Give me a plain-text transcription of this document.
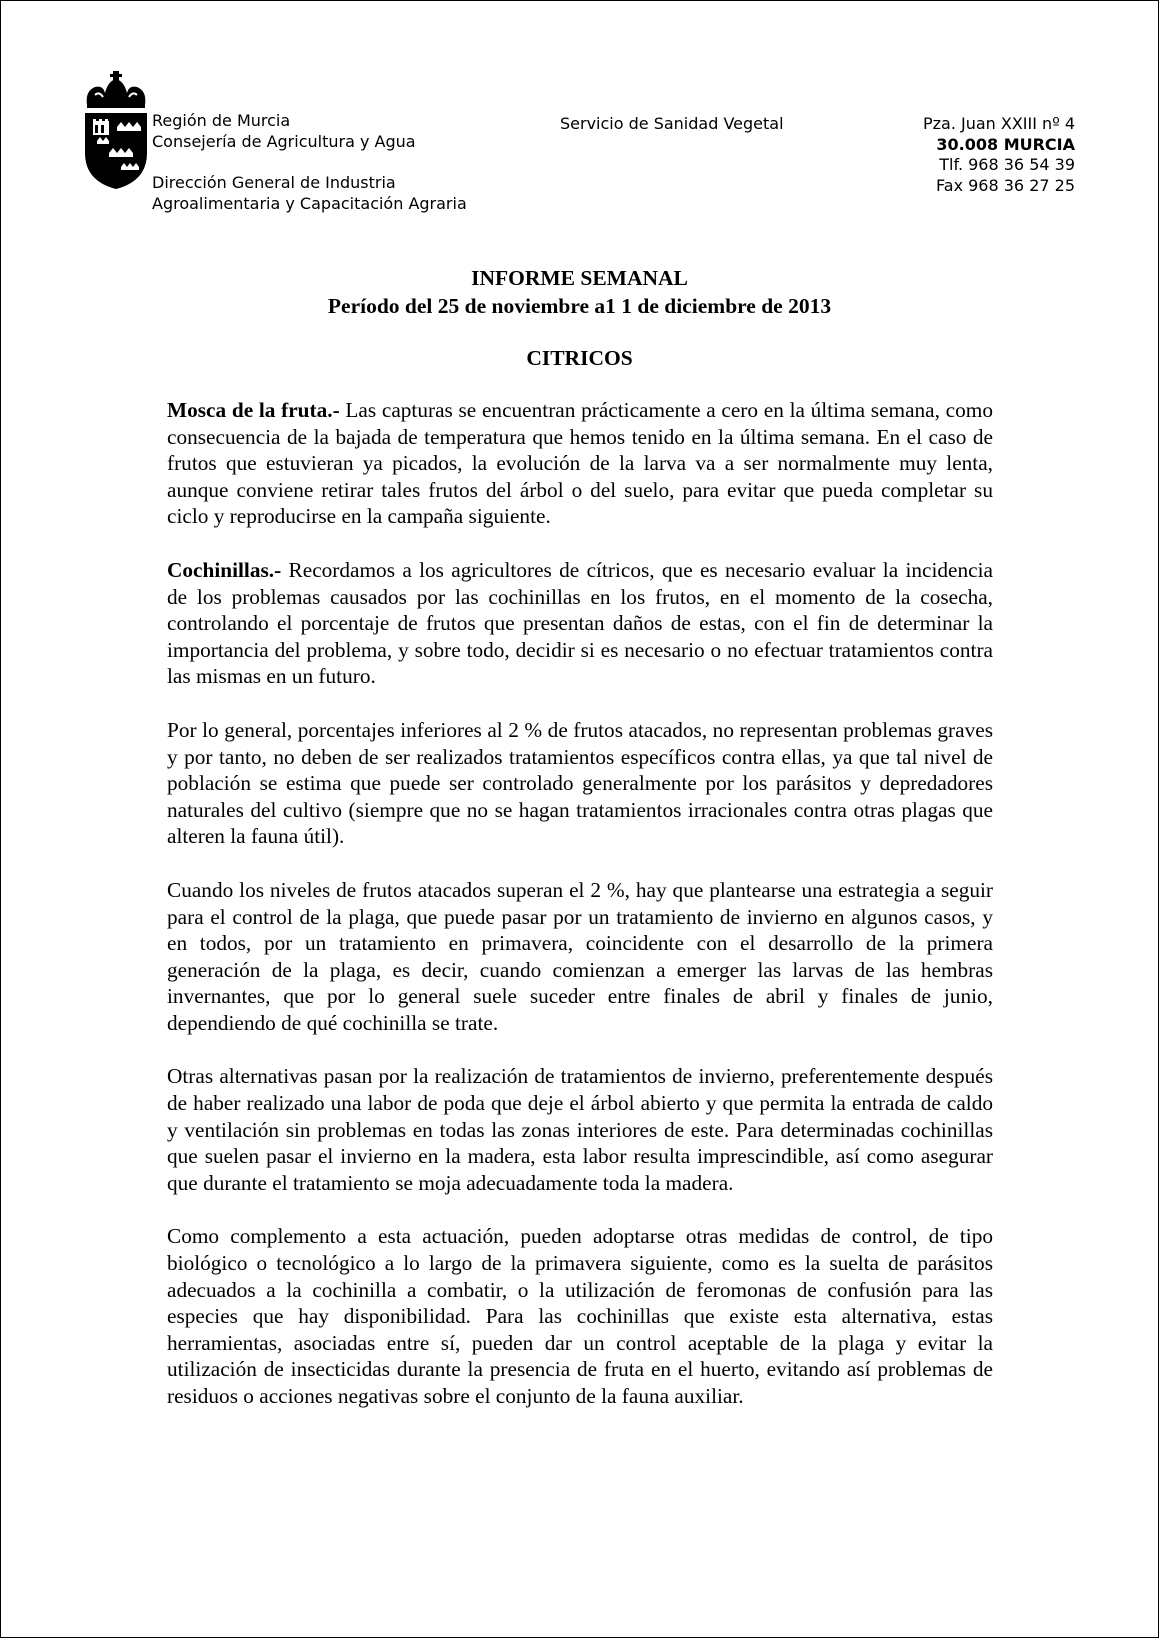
Región de Murcia
Consejería de Agricultura y Agua
Dirección General de Industria
Agroalimentaria y Capacitación Agraria
Servicio de Sanidad Vegetal	Pza. Juan XXIII nº 4
30.008 MURCIA
Tlf. 968 36 54 39
Fax 968 36 27 25
INFORME SEMANAL
Período del 25 de noviembre a1 1 de diciembre de 2013
CITRICOS

Mosca de la fruta.- Las capturas se encuentran prácticamente a cero en la última semana, como consecuencia de la bajada de temperatura que hemos tenido en la última semana. En el caso de frutos que estuvieran ya picados, la evolución de la larva va a ser normalmente muy lenta, aunque conviene retirar tales frutos del árbol o del suelo, para evitar que pueda completar su ciclo y reproducirse en la campaña siguiente.

Cochinillas.- Recordamos a los agricultores de cítricos, que es necesario evaluar la incidencia de los problemas causados por las cochinillas en los frutos, en el momento de la cosecha, controlando el porcentaje de frutos que presentan daños de estas, con el fin de determinar la importancia del problema, y sobre todo, decidir si es necesario o no efectuar tratamientos contra las mismas en un futuro.

Por lo general, porcentajes inferiores al 2 % de frutos atacados, no representan problemas graves y por tanto, no deben de ser realizados tratamientos específicos contra ellas, ya que tal nivel de población se estima que puede ser controlado generalmente por los parásitos y depredadores naturales del cultivo (siempre que no se hagan tratamientos irracionales contra otras plagas que alteren la fauna útil).

Cuando los niveles de frutos atacados superan el 2 %, hay que plantearse una estrategia a seguir para el control de la plaga, que puede pasar por un tratamiento de invierno en algunos casos, y en todos, por un tratamiento en primavera, coincidente con el desarrollo de la primera generación de la plaga, es decir, cuando comienzan a emerger las larvas de las hembras invernantes, que por lo general suele suceder entre finales de abril y finales de junio, dependiendo de qué cochinilla se trate.

Otras alternativas pasan por la realización de tratamientos de invierno, preferentemente después de haber realizado una labor de poda que deje el árbol abierto y que permita la entrada de caldo y ventilación sin problemas en todas las zonas interiores de este. Para determinadas cochinillas que suelen pasar el invierno en la madera, esta labor resulta imprescindible, así como asegurar que durante el tratamiento se moja adecuadamente toda la madera.

Como complemento a esta actuación, pueden adoptarse otras medidas de control, de tipo biológico o tecnológico a lo largo de la primavera siguiente, como es la suelta de parásitos adecuados a la cochinilla a combatir, o la utilización de feromonas de confusión para las especies que hay disponibilidad. Para las cochinillas que existe esta alternativa, estas herramientas, asociadas entre sí, pueden dar un control aceptable de la plaga y evitar la utilización de insecticidas durante la presencia de fruta en el huerto, evitando así problemas de residuos o acciones negativas sobre el conjunto de la fauna auxiliar.
